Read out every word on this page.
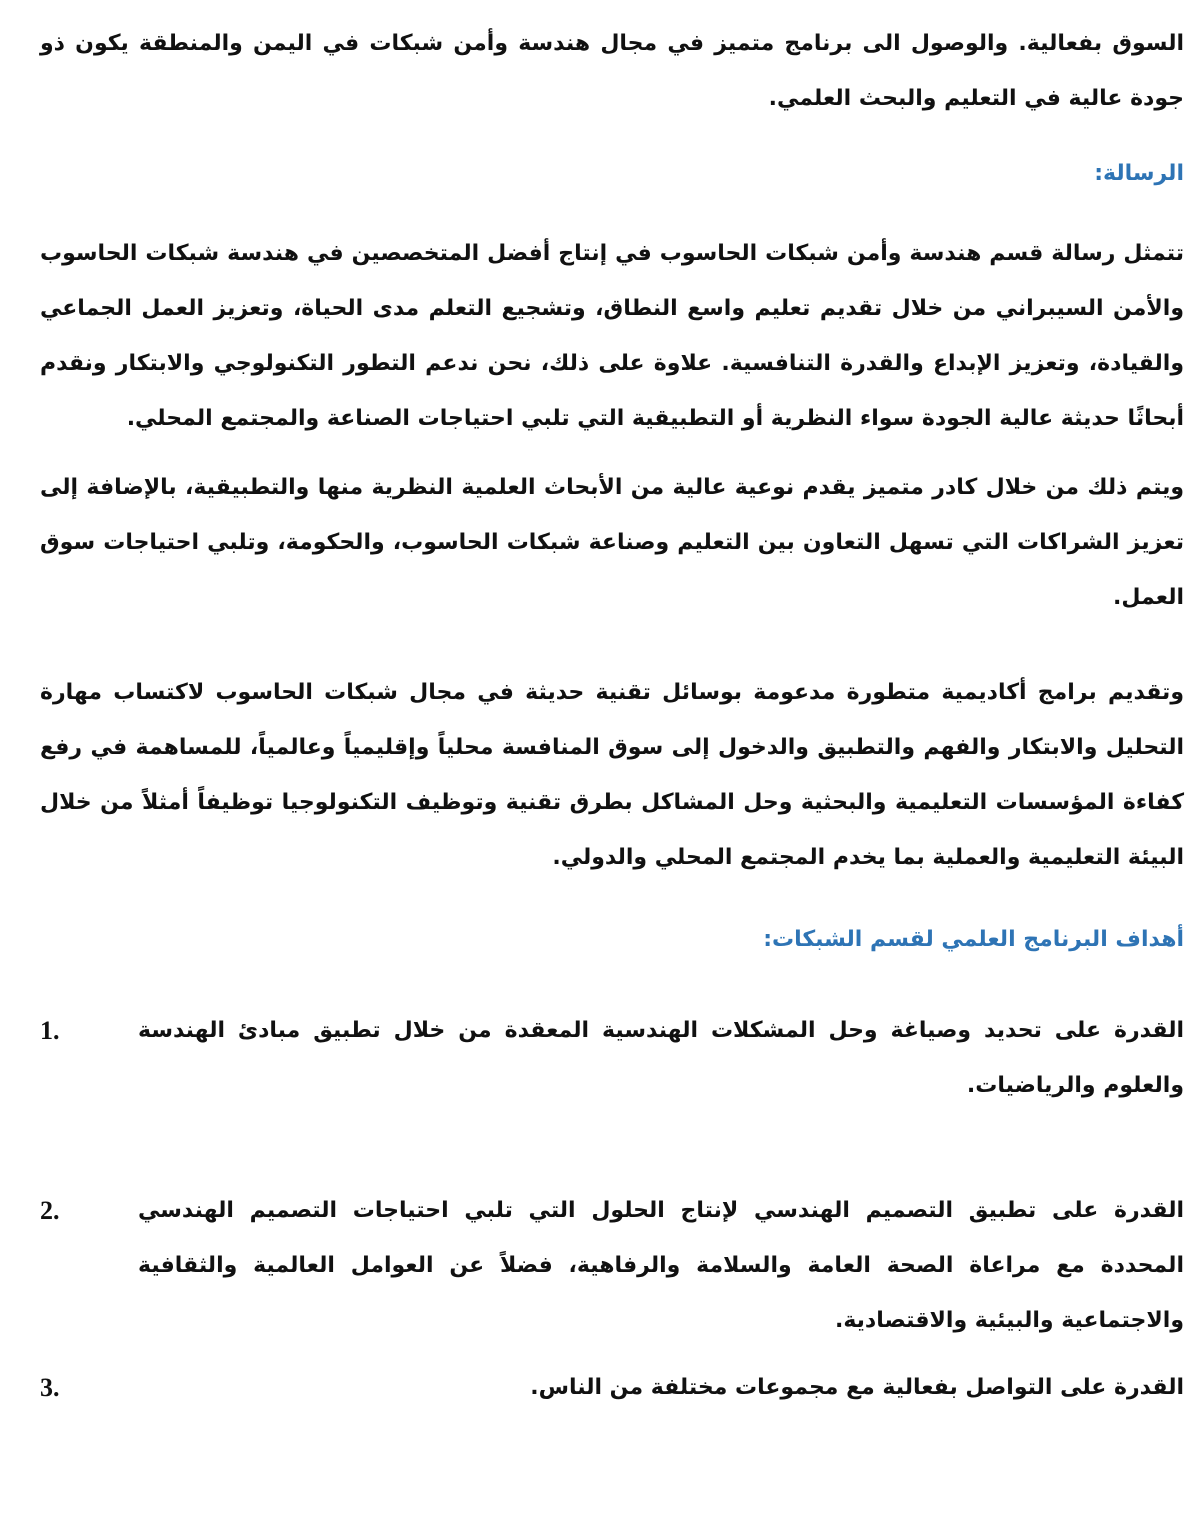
السوق بفعالية. والوصول الى برنامج متميز في مجال هندسة وأمن شبكات في اليمن والمنطقة يكون ذو جودة عالية في التعليم والبحث العلمي.

الرسالة:

تتمثل رسالة قسم هندسة وأمن شبكات الحاسوب في إنتاج أفضل المتخصصين في هندسة شبكات الحاسوب والأمن السيبراني من خلال تقديم تعليم واسع النطاق، وتشجيع التعلم مدى الحياة، وتعزيز العمل الجماعي والقيادة، وتعزيز الإبداع والقدرة التنافسية. علاوة على ذلك، نحن ندعم التطور التكنولوجي والابتكار ونقدم أبحاثًا حديثة عالية الجودة سواء النظرية أو التطبيقية التي تلبي احتياجات الصناعة والمجتمع المحلي.

ويتم ذلك من خلال كادر متميز يقدم نوعية عالية من الأبحاث العلمية النظرية منها والتطبيقية، بالإضافة إلى تعزيز الشراكات التي تسهل التعاون بين التعليم وصناعة شبكات الحاسوب، والحكومة، وتلبي احتياجات سوق العمل.

وتقديم برامج أكاديمية متطورة مدعومة بوسائل تقنية حديثة في مجال شبكات الحاسوب لاكتساب مهارة التحليل والابتكار والفهم والتطبيق والدخول إلى سوق المنافسة محلياً وإقليمياً وعالمياً، للمساهمة في رفع كفاءة المؤسسات التعليمية والبحثية وحل المشاكل بطرق تقنية وتوظيف التكنولوجيا توظيفاً أمثلاً من خلال البيئة التعليمية والعملية بما يخدم المجتمع المحلي والدولي.

أهداف البرنامج العلمي لقسم الشبكات:
القدرة على تحديد وصياغة وحل المشكلات الهندسية المعقدة من خلال تطبيق مبادئ الهندسة والعلوم والرياضيات.
1.
القدرة على تطبيق التصميم الهندسي لإنتاج الحلول التي تلبي احتياجات التصميم الهندسي المحددة مع مراعاة الصحة العامة والسلامة والرفاهية، فضلاً عن العوامل العالمية والثقافية والاجتماعية والبيئية والاقتصادية.
2.
القدرة على التواصل بفعالية مع مجموعات مختلفة من الناس.
3.
